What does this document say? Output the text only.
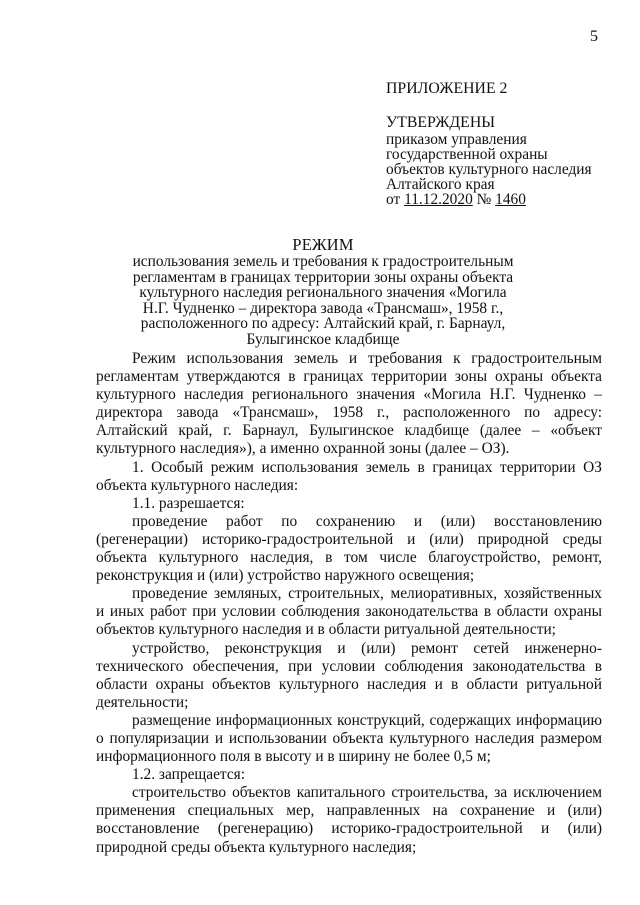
5
ПРИЛОЖЕНИЕ 2
УТВЕРЖДЕНЫ
приказом управления
государственной охраны
объектов культурного наследия
Алтайского края
от 11.12.2020 № 1460
РЕЖИМ
использования земель и требования к градостроительным
регламентам в границах территории зоны охраны объекта
культурного наследия регионального значения «Могила
Н.Г. Чудненко – директора завода «Трансмаш», 1958 г.,
расположенного по адресу: Алтайский край, г. Барнаул,
Булыгинское кладбище

Режим использования земель и требования к градостроительным регламентам утверждаются в границах территории зоны охраны объекта культурного наследия регионального значения «Могила Н.Г. Чудненко – директора завода «Трансмаш», 1958 г., расположенного по адресу: Алтайский край, г. Барнаул, Булыгинское кладбище (далее – «объект культурного наследия»), а именно охранной зоны (далее – ОЗ).

1. Особый режим использования земель в границах территории ОЗ объекта культурного наследия:

1.1. разрешается:

проведение работ по сохранению и (или) восстановлению (регенерации) историко-градостроительной и (или) природной среды объекта культурного наследия, в том числе благоустройство, ремонт, реконструкция и (или) устройство наружного освещения;

проведение земляных, строительных, мелиоративных, хозяйственных и иных работ при условии соблюдения законодательства в области охраны объектов культурного наследия и в области ритуальной деятельности;

устройство, реконструкция и (или) ремонт сетей инженерно-технического обеспечения, при условии соблюдения законодательства в области охраны объектов культурного наследия и в области ритуальной деятельности;

размещение информационных конструкций, содержащих информацию о популяризации и использовании объекта культурного наследия размером информационного поля в высоту и в ширину не более 0,5 м;

1.2. запрещается:

строительство объектов капитального строительства, за исключением применения специальных мер, направленных на сохранение и (или) восстановление (регенерацию) историко-градостроительной и (или) природной среды объекта культурного наследия;
